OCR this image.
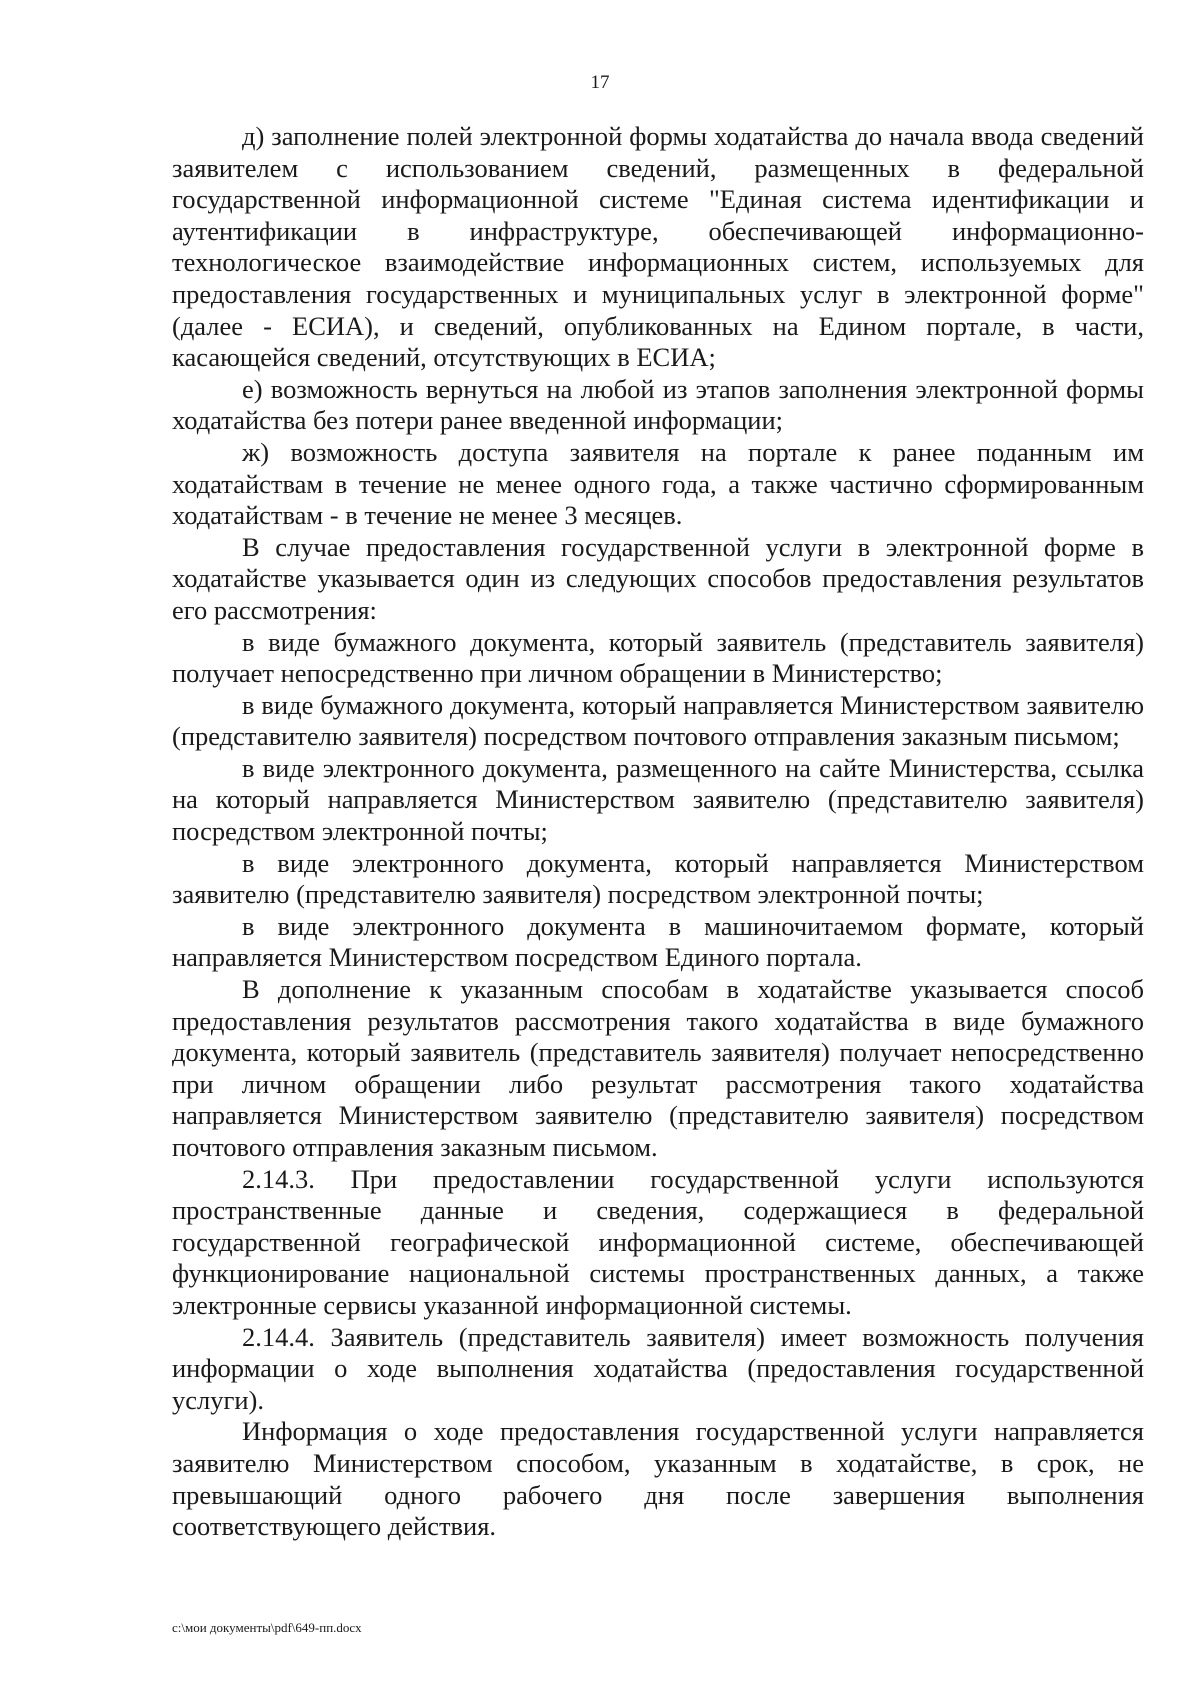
17

д) заполнение полей электронной формы ходатайства до начала ввода сведений заявителем с использованием сведений, размещенных в федеральной государственной информационной системе "Единая система идентификации и аутентификации в инфраструктуре, обеспечивающей информационно-технологическое взаимодействие информационных систем, используемых для предоставления государственных и муниципальных услуг в электронной форме" (далее - ЕСИА), и сведений, опубликованных на Едином портале, в части, касающейся сведений, отсутствующих в ЕСИА;

е) возможность вернуться на любой из этапов заполнения электронной формы ходатайства без потери ранее введенной информации;

ж) возможность доступа заявителя на портале к ранее поданным им ходатайствам в течение не менее одного года, а также частично сформированным ходатайствам - в течение не менее 3 месяцев.

В случае предоставления государственной услуги в электронной форме в ходатайстве указывается один из следующих способов предоставления результатов его рассмотрения:

в виде бумажного документа, который заявитель (представитель заявителя) получает непосредственно при личном обращении в Министерство;

в виде бумажного документа, который направляется Министерством заявителю (представителю заявителя) посредством почтового отправления заказным письмом;

в виде электронного документа, размещенного на сайте Министерства, ссылка на который направляется Министерством заявителю (представителю заявителя) посредством электронной почты;

в виде электронного документа, который направляется Министерством заявителю (представителю заявителя) посредством электронной почты;

в виде электронного документа в машиночитаемом формате, который направляется Министерством посредством Единого портала.

В дополнение к указанным способам в ходатайстве указывается способ предоставления результатов рассмотрения такого ходатайства в виде бумажного документа, который заявитель (представитель заявителя) получает непосредственно при личном обращении либо результат рассмотрения такого ходатайства направляется Министерством заявителю (представителю заявителя) посредством почтового отправления заказным письмом.

2.14.3. При предоставлении государственной услуги используются пространственные данные и сведения, содержащиеся в федеральной государственной географической информационной системе, обеспечивающей функционирование национальной системы пространственных данных, а также электронные сервисы указанной информационной системы.

2.14.4. Заявитель (представитель заявителя) имеет возможность получения информации о ходе выполнения ходатайства (предоставления государственной услуги).

Информация о ходе предоставления государственной услуги направляется заявителю Министерством способом, указанным в ходатайстве, в срок, не превышающий одного рабочего дня после завершения выполнения соответствующего действия.

c:\мои документы\pdf\649-пп.docx
